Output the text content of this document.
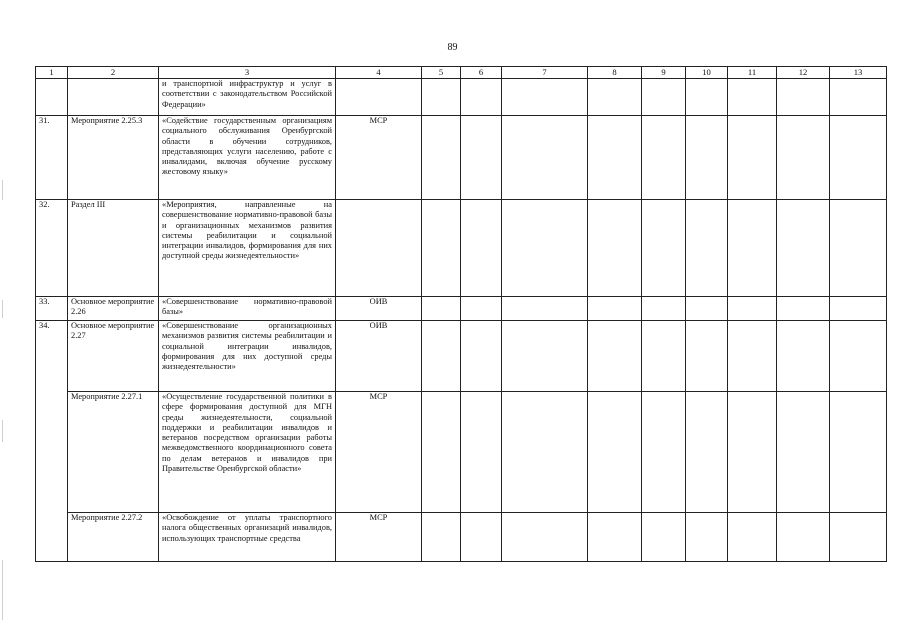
89
1	2	3	4	5	6	7	8	9	10	11	12	13
		и транспортной инфраструктур и услуг в соответствии с законодательством Российской Федерации»										
31.	Мероприятие 2.25.3	«Содействие государственным организациям социального обслуживания Оренбургской области в обучении сотрудников, представляющих услуги населению, работе с инвалидами, включая обучение русскому жестовому языку»	МСР									
32.	Раздел III	«Мероприятия, направленные на совершенствование нормативно-правовой базы и организационных механизмов развития системы реабилитации и социальной интеграции инвалидов, формирования для них доступной среды жизнедеятельности»										
33.	Основное мероприятие 2.26	«Совершенствование нормативно-правовой базы»	ОИВ									
34.	Основное мероприятие 2.27	«Совершенствование организационных механизмов развития системы реабилитации и социальной интеграции инвалидов, формирования для них доступной среды жизнедеятельности»	ОИВ									
	Мероприятие 2.27.1	«Осуществление государственной политики в сфере формирования доступной для МГН среды жизнедеятельности, социальной поддержки и реабилитации инвалидов и ветеранов посредством организации работы межведомственного координационного совета по делам ветеранов и инвалидов при Правительстве Оренбургской области»	МСР									
	Мероприятие 2.27.2	«Освобождение от уплаты транспортного налога общественных организаций инвалидов, использующих транспортные средства	МСР									
